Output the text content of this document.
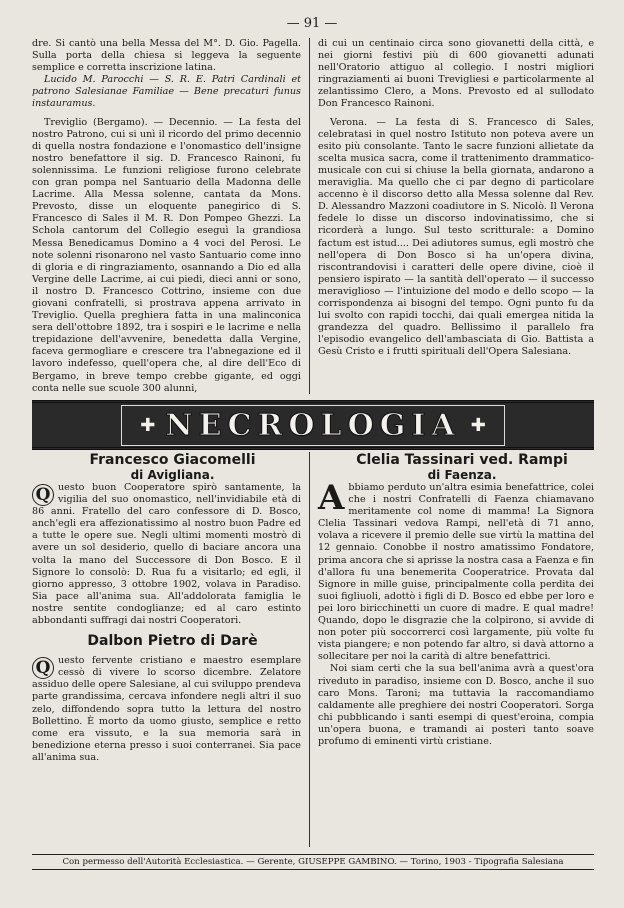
— 91 —

dre. Si cantò una bella Messa del M°. D. Gio. Pagella. Sulla porta della chiesa si leggeva la seguente semplice e corretta inscrizione latina.

Lucido M. Parocchi — S. R. E. Patri Cardinali et patrono Salesianae Familiae — Bene precaturi funus instauramus.

Treviglio (Bergamo). — Decennio. — La festa del nostro Patrono, cui si unì il ricordo del primo decennio di quella nostra fondazione e l'onomastico dell'insigne nostro benefattore il sig. D. Francesco Rainoni, fu solennissima. Le funzioni religiose furono celebrate con gran pompa nel Santuario della Madonna delle Lacrime. Alla Messa solenne, cantata da Mons. Prevosto, disse un eloquente panegirico di S. Francesco di Sales il M. R. Don Pompeo Ghezzi. La Schola cantorum del Collegio eseguì la grandiosa Messa Benedicamus Domino a 4 voci del Perosi. Le note solenni risonarono nel vasto Santuario come inno di gloria e di ringraziamento, osannando a Dio ed alla Vergine delle Lacrime, ai cui piedi, dieci anni or sono, il nostro D. Francesco Cottrino, insieme con due giovani confratelli, si prostrava appena arrivato in Treviglio. Quella preghiera fatta in una malinconica sera dell'ottobre 1892, tra i sospiri e le lacrime e nella trepidazione dell'avvenire, benedetta dalla Vergine, faceva germogliare e crescere tra l'abnegazione ed il lavoro indefesso, quell'opera che, al dire dell'Eco di Bergamo, in breve tempo crebbe gigante, ed oggi conta nelle sue scuole 300 alunni,

di cui un centinaio circa sono giovanetti della città, e nei giorni festivi più di 600 giovanetti adunati nell'Oratorio attiguo al collegio. I nostri migliori ringraziamenti ai buoni Trevigliesi e particolarmente al zelantissimo Clero, a Mons. Prevosto ed al sullodato Don Francesco Rainoni.

Verona. — La festa di S. Francesco di Sales, celebratasi in quel nostro Istituto non poteva avere un esito più consolante. Tanto le sacre funzioni allietate da scelta musica sacra, come il trattenimento drammatico-musicale con cui si chiuse la bella giornata, andarono a meraviglia. Ma quello che ci par degno di particolare accenno è il discorso detto alla Messa solenne dal Rev. D. Alessandro Mazzoni coadiutore in S. Nicolò. Il Verona fedele lo disse un discorso indovinatissimo, che si ricorderà a lungo. Sul testo scritturale: a Domino factum est istud.... Dei adiutores sumus, egli mostrò che nell'opera di Don Bosco si ha un'opera divina, riscontrandovisi i caratteri delle opere divine, cioè il pensiero ispirato — la santità dell'operato — il successo meraviglioso — l'intuizione del modo e dello scopo — la corrispondenza ai bisogni del tempo. Ogni punto fu da lui svolto con rapidi tocchi, dai quali emergea nitida la grandezza del quadro. Bellissimo il parallelo fra l'episodio evangelico dell'ambasciata di Gio. Battista a Gesù Cristo e i frutti spirituali dell'Opera Salesiana.

✚ NECROLOGIA ✚

Francesco Giacomelli

di Avigliana.

Q uesto buon Cooperatore spirò santamente, la vigilia del suo onomastico, nell'invidiabile età di 86 anni. Fratello del caro confessore di D. Bosco, anch'egli era affezionatissimo al nostro buon Padre ed a tutte le opere sue. Negli ultimi momenti mostrò di avere un sol desiderio, quello di baciare ancora una volta la mano del Successore di Don Bosco. E il Signore lo consolò: D. Rua fu a visitarlo; ed egli, il giorno appresso, 3 ottobre 1902, volava in Paradiso. Sia pace all'anima sua. All'addolorata famiglia le nostre sentite condoglianze; ed al caro estinto abbondanti suffragi dai nostri Cooperatori.

Dalbon Pietro di Darè

Q uesto fervente cristiano e maestro esemplare cessò di vivere lo scorso dicembre. Zelatore assiduo delle opere Salesiane, al cui sviluppo prendeva parte grandissima, cercava infondere negli altri il suo zelo, diffondendo sopra tutto la lettura del nostro Bollettino. È morto da uomo giusto, semplice e retto come era vissuto, e la sua memoria sarà in benedizione eterna presso i suoi conterranei. Sia pace all'anima sua.

Clelia Tassinari ved. Rampi

di Faenza.

Abbiamo perduto un'altra esimia benefattrice, colei che i nostri Confratelli di Faenza chiamavano meritamente col nome di mamma! La Signora Clelia Tassinari vedova Rampi, nell'età di 71 anno, volava a ricevere il premio delle sue virtù la mattina del 12 gennaio. Conobbe il nostro amatissimo Fondatore, prima ancora che si aprisse la nostra casa a Faenza e fin d'allora fu una benemerita Cooperatrice. Provata dal Signore in mille guise, principalmente colla perdita dei suoi figliuoli, adottò i figli di D. Bosco ed ebbe per loro e pei loro biricchinetti un cuore di madre. E qual madre! Quando, dopo le disgrazie che la colpirono, si avvide di non poter più soccorrerci così largamente, più volte fu vista piangere; e non potendo far altro, si davà attorno a sollecitare per noi la carità di altre benefattrici.

Noi siam certi che la sua bell'anima avrà a quest'ora riveduto in paradiso, insieme con D. Bosco, anche il suo caro Mons. Taroni; ma tuttavia la raccomandiamo caldamente alle preghiere dei nostri Cooperatori. Sorga chi pubblicando i santi esempi di quest'eroina, compia un'opera buona, e tramandi ai posteri tanto soave profumo di eminenti virtù cristiane.

Con permesso dell'Autorità Ecclesiastica. — Gerente, GIUSEPPE GAMBINO. — Torino, 1903 - Tipografia Salesiana
